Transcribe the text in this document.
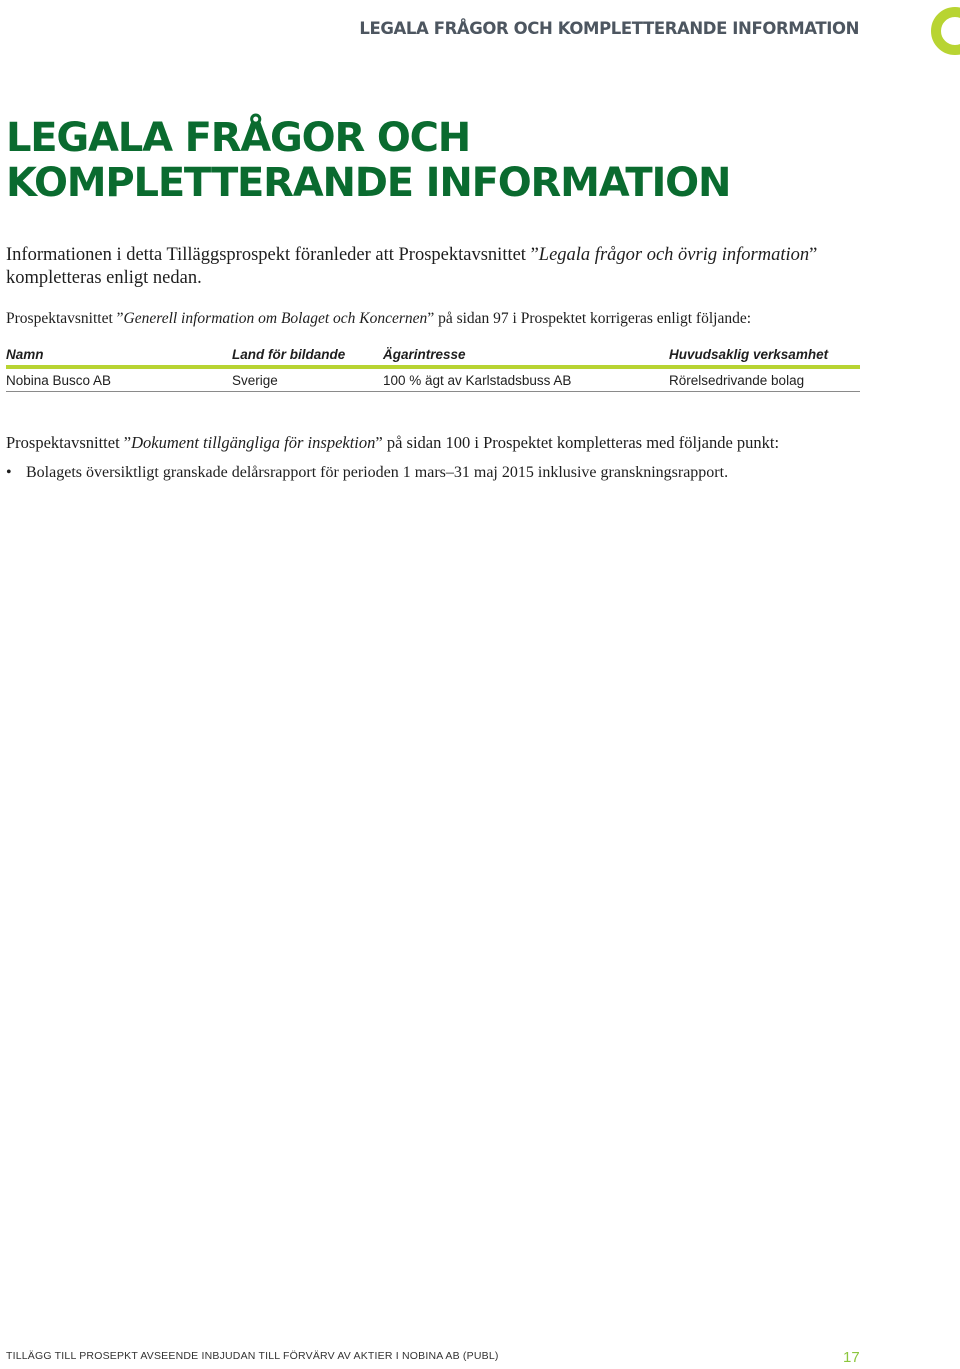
LEGALA FRÅGOR OCH KOMPLETTERANDE INFORMATION
LEGALA FRÅGOR OCH KOMPLETTERANDE INFORMATION

Informationen i detta Tilläggsprospekt föranleder att Prospektavsnittet ”Legala frågor och övrig information” kompletteras enligt nedan.

Prospektavsnittet ”Generell information om Bolaget och Koncernen” på sidan 97 i Prospektet korrigeras enligt följande:

Namn	Land för bildande	Ägarintresse	Huvudsaklig verksamhet
Nobina Busco AB	Sverige	100 % ägt av Karlstadsbuss AB	Rörelsedrivande bolag

Prospektavsnittet ”Dokument tillgängliga för inspektion” på sidan 100 i Prospektet kompletteras med följande punkt:

• Bolagets översiktligt granskade delårsrapport för perioden 1 mars–31 maj 2015 inklusive granskningsrapport.
TILLÄGG TILL PROSEPKT AVSEENDE INBJUDAN TILL FÖRVÄRV AV AKTIER I NOBINA AB (PUBL)	17
